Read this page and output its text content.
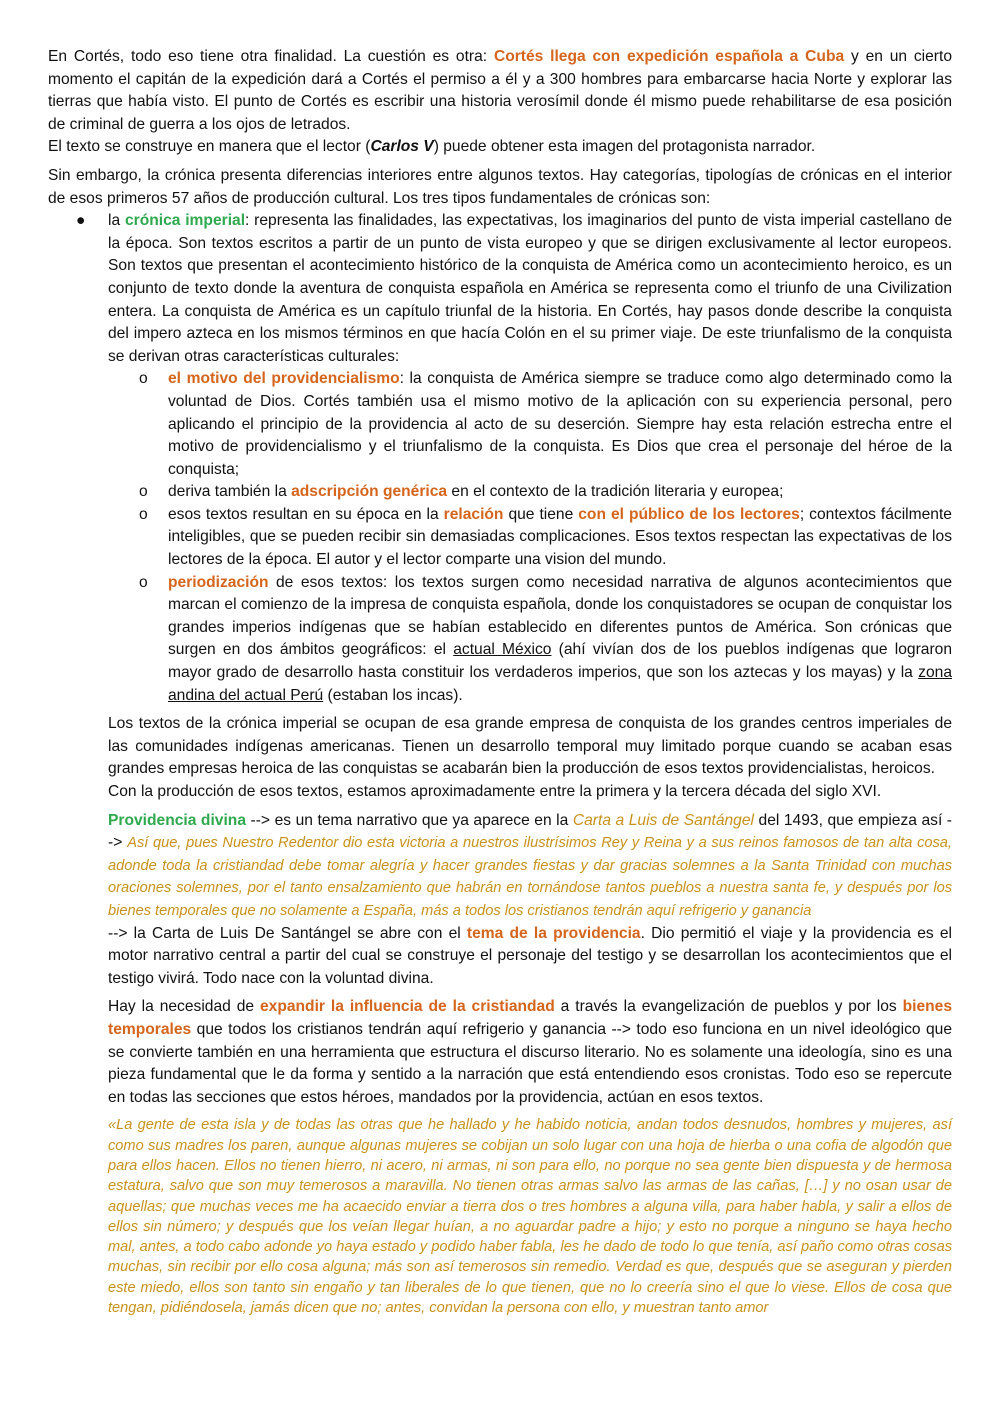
En Cortés, todo eso tiene otra finalidad. La cuestión es otra: Cortés llega con expedición española a Cuba y en un cierto momento el capitán de la expedición dará a Cortés el permiso a él y a 300 hombres para embarcarse hacia Norte y explorar las tierras que había visto. El punto de Cortés es escribir una historia verosímil donde él mismo puede rehabilitarse de esa posición de criminal de guerra a los ojos de letrados.

El texto se construye en manera que el lector (Carlos V) puede obtener esta imagen del protagonista narrador.

Sin embargo, la crónica presenta diferencias interiores entre algunos textos. Hay categorías, tipologías de crónicas en el interior de esos primeros 57 años de producción cultural. Los tres tipos fundamentales de crónicas son:

● la crónica imperial: representa las finalidades, las expectativas, los imaginarios del punto de vista imperial castellano de la época. Son textos escritos a partir de un punto de vista europeo y que se dirigen exclusivamente al lector europeos. Son textos que presentan el acontecimiento histórico de la conquista de América como un acontecimiento heroico, es un conjunto de texto donde la aventura de conquista española en América se representa como el triunfo de una Civilization entera. La conquista de América es un capítulo triunfal de la historia. En Cortés, hay pasos donde describe la conquista del impero azteca en los mismos términos en que hacía Colón en el su primer viaje. De este triunfalismo de la conquista se derivan otras características culturales:
o el motivo del providencialismo: la conquista de América siempre se traduce como algo determinado como la voluntad de Dios. Cortés también usa el mismo motivo de la aplicación con su experiencia personal, pero aplicando el principio de la providencia al acto de su deserción. Siempre hay esta relación estrecha entre el motivo de providencialismo y el triunfalismo de la conquista. Es Dios que crea el personaje del héroe de la conquista;
o deriva también la adscripción genérica en el contexto de la tradición literaria y europea;
o esos textos resultan en su época en la relación que tiene con el público de los lectores; contextos fácilmente inteligibles, que se pueden recibir sin demasiadas complicaciones. Esos textos respectan las expectativas de los lectores de la época. El autor y el lector comparte una vision del mundo.
o periodización de esos textos: los textos surgen como necesidad narrativa de algunos acontecimientos que marcan el comienzo de la impresa de conquista española, donde los conquistadores se ocupan de conquistar los grandes imperios indígenas que se habían establecido en diferentes puntos de América. Son crónicas que surgen en dos ámbitos geográficos: el actual México (ahí vivían dos de los pueblos indígenas que lograron mayor grado de desarrollo hasta constituir los verdaderos imperios, que son los aztecas y los mayas) y la zona andina del actual Perú (estaban los incas).

Los textos de la crónica imperial se ocupan de esa grande empresa de conquista de los grandes centros imperiales de las comunidades indígenas americanas. Tienen un desarrollo temporal muy limitado porque cuando se acaban esas grandes empresas heroica de las conquistas se acabarán bien la producción de esos textos providencialistas, heroicos.

Con la producción de esos textos, estamos aproximadamente entre la primera y la tercera década del siglo XVI.

Providencia divina --> es un tema narrativo que ya aparece en la Carta a Luis de Santángel del 1493, que empieza así --> Así que, pues Nuestro Redentor dio esta victoria a nuestros ilustrísimos Rey y Reina y a sus reinos famosos de tan alta cosa, adonde toda la cristiandad debe tomar alegría y hacer grandes fiestas y dar gracias solemnes a la Santa Trinidad con muchas oraciones solemnes, por el tanto ensalzamiento que habrán en tornándose tantos pueblos a nuestra santa fe, y después por los bienes temporales que no solamente a España, más a todos los cristianos tendrán aquí refrigerio y ganancia
--> la Carta de Luis De Santángel se abre con el tema de la providencia. Dio permitió el viaje y la providencia es el motor narrativo central a partir del cual se construye el personaje del testigo y se desarrollan los acontecimientos que el testigo vivirá. Todo nace con la voluntad divina.

Hay la necesidad de expandir la influencia de la cristiandad a través la evangelización de pueblos y por los bienes temporales que todos los cristianos tendrán aquí refrigerio y ganancia --> todo eso funciona en un nivel ideológico que se convierte también en una herramienta que estructura el discurso literario. No es solamente una ideología, sino es una pieza fundamental que le da forma y sentido a la narración que está entendiendo esos cronistas. Todo eso se repercute en todas las secciones que estos héroes, mandados por la providencia, actúan en esos textos.

«La gente de esta isla y de todas las otras que he hallado y he habido noticia, andan todos desnudos, hombres y mujeres, así como sus madres los paren, aunque algunas mujeres se cobijan un solo lugar con una hoja de hierba o una cofia de algodón que para ellos hacen. Ellos no tienen hierro, ni acero, ni armas, ni son para ello, no porque no sea gente bien dispuesta y de hermosa estatura, salvo que son muy temerosos a maravilla. No tienen otras armas salvo las armas de las cañas, […] y no osan usar de aquellas; que muchas veces me ha acaecido enviar a tierra dos o tres hombres a alguna villa, para haber habla, y salir a ellos de ellos sin número; y después que los veían llegar huían, a no aguardar padre a hijo; y esto no porque a ninguno se haya hecho mal, antes, a todo cabo adonde yo haya estado y podido haber fabla, les he dado de todo lo que tenía, así paño como otras cosas muchas, sin recibir por ello cosa alguna; más son así temerosos sin remedio. Verdad es que, después que se aseguran y pierden este miedo, ellos son tanto sin engaño y tan liberales de lo que tienen, que no lo creería sino el que lo viese. Ellos de cosa que tengan, pidiéndosela, jamás dicen que no; antes, convidan la persona con ello, y muestran tanto amor
